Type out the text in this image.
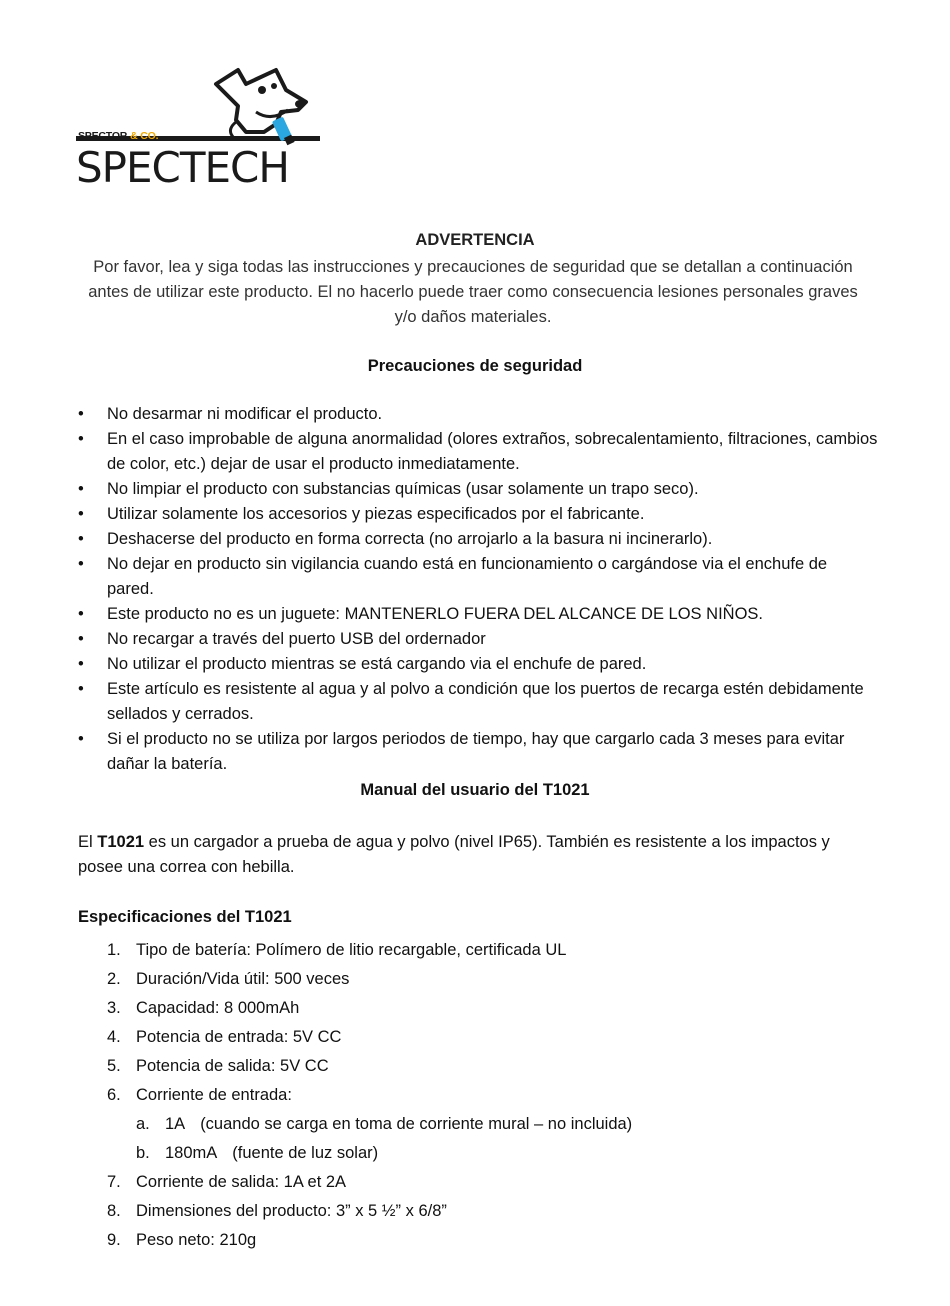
SPECTOR & CO.
SPECTECH
ADVERTENCIA
Por favor, lea y siga todas las instrucciones y precauciones de seguridad que se detallan a continuación antes de utilizar este producto. El no hacerlo puede traer como consecuencia lesiones personales graves y/o daños materiales.
Precauciones de seguridad
• No desarmar ni modificar el producto.
• En el caso improbable de alguna anormalidad (olores extraños, sobrecalentamiento, filtraciones, cambios de color, etc.) dejar de usar el producto inmediatamente.
• No limpiar el producto con substancias químicas (usar solamente un trapo seco).
• Utilizar solamente los accesorios y piezas especificados por el fabricante.
• Deshacerse del producto en forma correcta (no arrojarlo a la basura ni incinerarlo).
• No dejar en producto sin vigilancia cuando está en funcionamiento o cargándose via el enchufe de pared.
• Este producto no es un juguete: MANTENERLO FUERA DEL ALCANCE DE LOS NIÑOS.
• No recargar a través del puerto USB del ordernador
• No utilizar el producto mientras se está cargando via el enchufe de pared.
• Este artículo es resistente al agua y al polvo a condición que los puertos de recarga estén debidamente sellados y cerrados.
• Si el producto no se utiliza por largos periodos de tiempo, hay que cargarlo cada 3 meses para evitar dañar la batería.
Manual del usuario del T1021
El T1021 es un cargador a prueba de agua y polvo (nivel IP65). También es resistente a los impactos y posee una correa con hebilla.
Especificaciones del T1021
1. Tipo de batería: Polímero de litio recargable, certificada UL
2. Duración/Vida útil: 500 veces
3. Capacidad: 8 000mAh
4. Potencia de entrada: 5V CC
5. Potencia de salida: 5V CC
6. Corriente de entrada:
a. 1A (cuando se carga en toma de corriente mural – no incluida)
b. 180mA (fuente de luz solar)
7. Corriente de salida: 1A et 2A
8. Dimensiones del producto: 3” x 5 ½” x 6/8”
9. Peso neto: 210g
